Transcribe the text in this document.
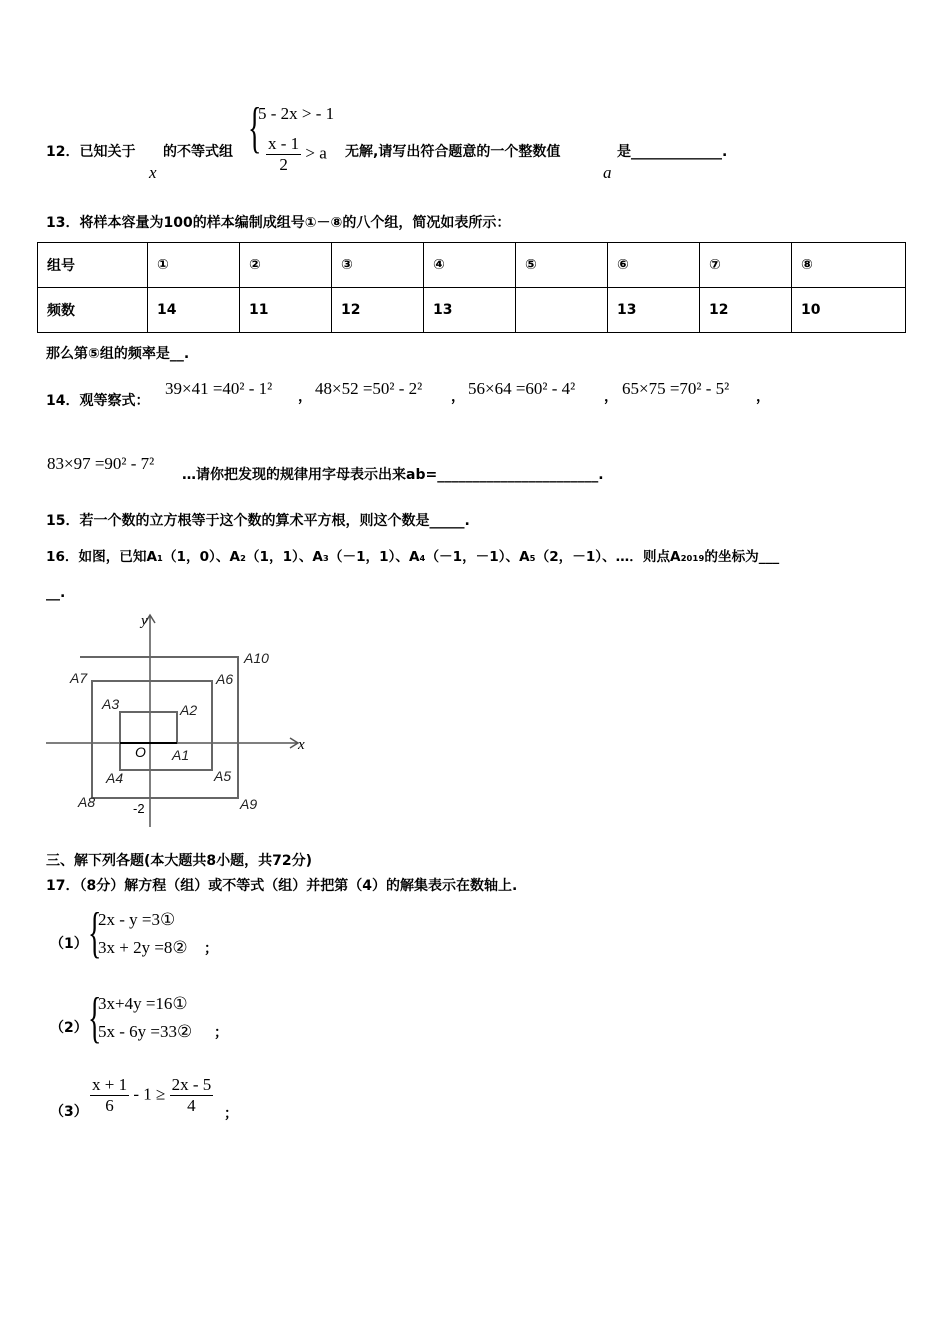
12．已知关于
x
的不等式组 {
5 - 2x > - 1
$\frac{x - 1}{2} > a$ 无解,请写出符合题意的一个整数值
a
是_____________.
13．将样本容量为100的样本编制成组号①－⑧的八个组，简况如表所示：
组号	①	②	③	④	⑤	⑥	⑦	⑧
频数	14	11	12	13		13	12	10
那么第⑤组的频率是__.
14．观等察式：
39×41 =40² - 1² ， 48×52 =50² - 2² ， 56×64 =60² - 4² ， 65×75 =70² - 5² ，
83×97 =90² - 7²
…请你把发现的规律用字母表示出来ab=_______________________.
15．若一个数的立方根等于这个数的算术平方根，则这个数是_____.
16．如图，已知A₁（1，0）、A₂（1，1）、A₃（－1，1）、A₄（－1，－1）、A₅（2，－1）、…．则点A₂₀₁₉的坐标为___
__.
x
y
O
-2
A1
A2
A3
A4	A5
A6
A7
A8	A9
A10
三、解下列各题(本大题共8小题，共72分)
17．（8分）解方程（组）或不等式（组）并把第（4）的解集表示在数轴上.
（1） {
2x - y =3①
3x + 2y =8② ；
（2） {
3x+4y =16①
5x - 6y =33② ；
$(3) \frac{x + 1}{6} - 1 \ge \frac{2x - 5}{4}$ ；
